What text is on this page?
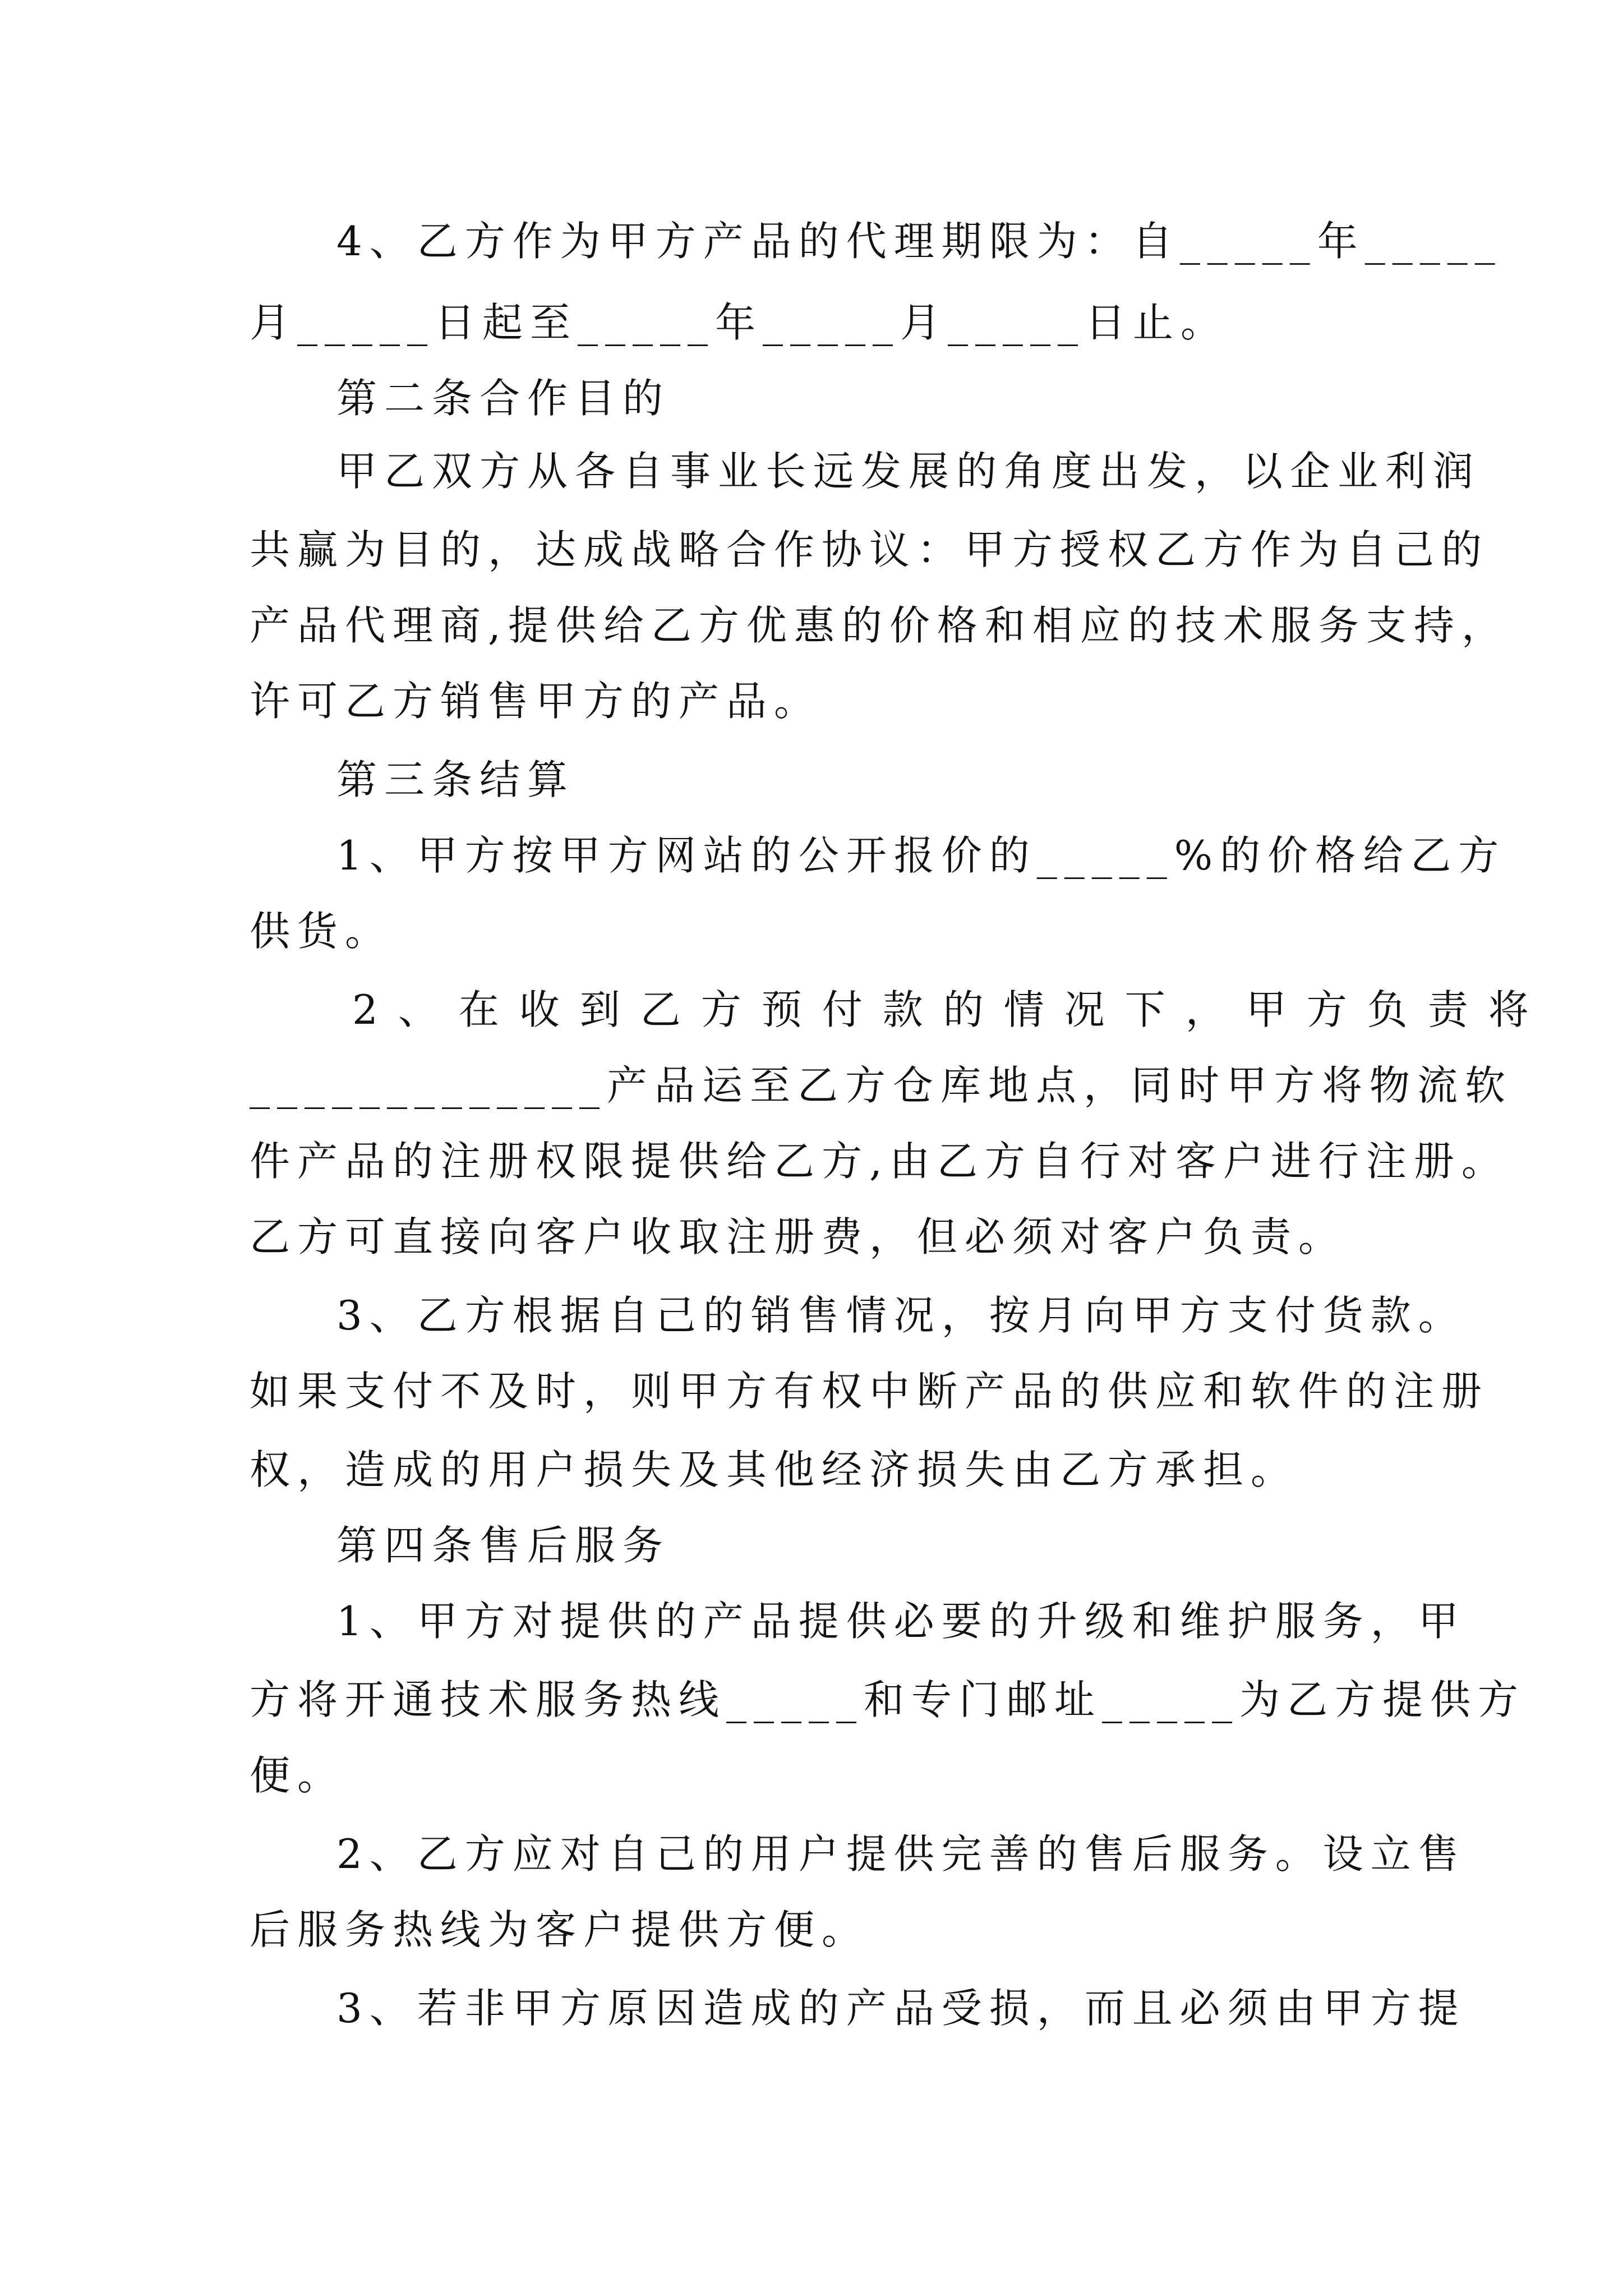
4、乙方作为甲方产品的代理期限为：自_____年_____
月_____日起至_____年_____月_____日止。
第二条合作目的
甲乙双方从各自事业长远发展的角度出发，以企业利润
共赢为目的，达成战略合作协议：甲方授权乙方作为自己的
产品代理商,提供给乙方优惠的价格和相应的技术服务支持，
许可乙方销售甲方的产品。
第三条结算
1、甲方按甲方网站的公开报价的_____%的价格给乙方
供货。
2、在收到乙方预付款的情况下，甲方负责将
_____________产品运至乙方仓库地点，同时甲方将物流软
件产品的注册权限提供给乙方,由乙方自行对客户进行注册。
乙方可直接向客户收取注册费，但必须对客户负责。
3、乙方根据自己的销售情况，按月向甲方支付货款。
如果支付不及时，则甲方有权中断产品的供应和软件的注册
权，造成的用户损失及其他经济损失由乙方承担。
第四条售后服务
1、甲方对提供的产品提供必要的升级和维护服务，甲
方将开通技术服务热线_____和专门邮址_____为乙方提供方
便。
2、乙方应对自己的用户提供完善的售后服务。设立售
后服务热线为客户提供方便。
3、若非甲方原因造成的产品受损，而且必须由甲方提
